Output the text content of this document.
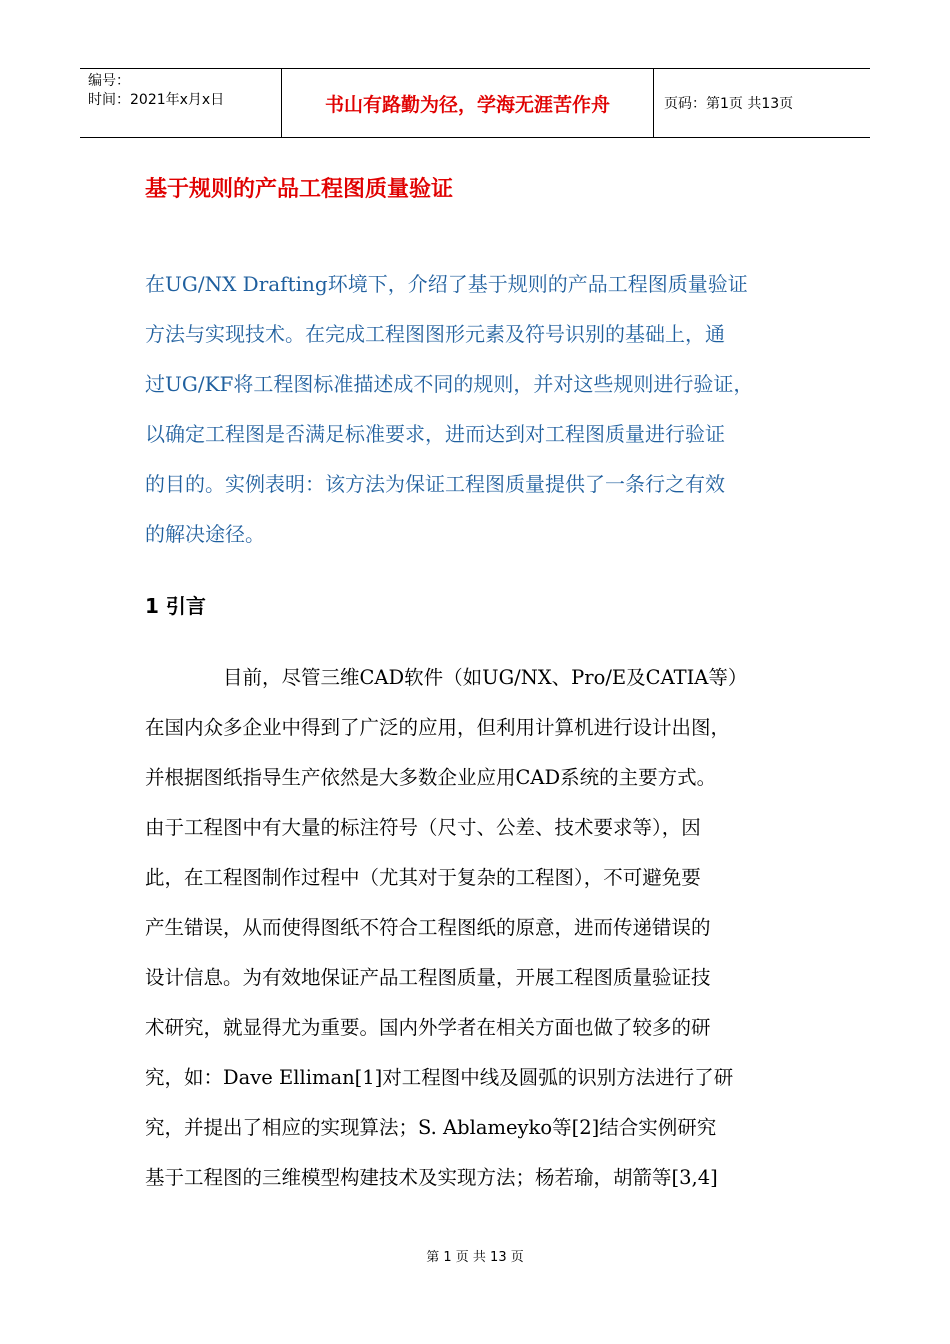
编号：
时间：2021年x月x日	书山有路勤为径，学海无涯苦作舟	页码：第1页 共13页
基于规则的产品工程图质量验证
在UG/NX Drafting环境下，介绍了基于规则的产品工程图质量验证
方法与实现技术。在完成工程图图形元素及符号识别的基础上，通
过UG/KF将工程图标准描述成不同的规则，并对这些规则进行验证，
以确定工程图是否满足标准要求，进而达到对工程图质量进行验证
的目的。实例表明：该方法为保证工程图质量提供了一条行之有效
的解决途径。
1 引言
目前，尽管三维CAD软件（如UG/NX、Pro/E及CATIA等）
在国内众多企业中得到了广泛的应用，但利用计算机进行设计出图，
并根据图纸指导生产依然是大多数企业应用CAD系统的主要方式。
由于工程图中有大量的标注符号（尺寸、公差、技术要求等），因
此，在工程图制作过程中（尤其对于复杂的工程图），不可避免要
产生错误，从而使得图纸不符合工程图纸的原意，进而传递错误的
设计信息。为有效地保证产品工程图质量，开展工程图质量验证技
术研究，就显得尤为重要。国内外学者在相关方面也做了较多的研
究，如：Dave Elliman[1]对工程图中线及圆弧的识别方法进行了研
究，并提出了相应的实现算法；S. Ablameyko等[2]结合实例研究
基于工程图的三维模型构建技术及实现方法；杨若瑜，胡箭等[3,4]
第 1 页 共 13 页
